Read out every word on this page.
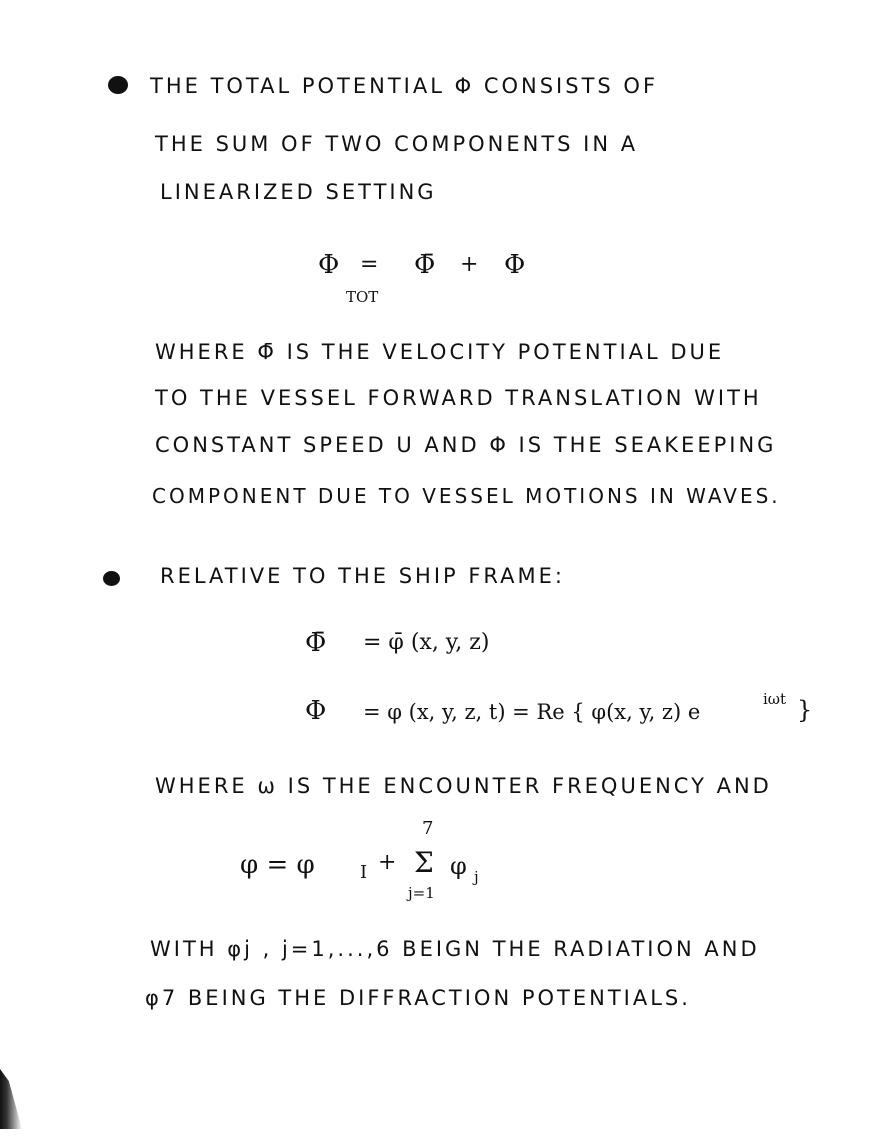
THE TOTAL POTENTIAL Φ CONSISTS OF
THE SUM OF TWO COMPONENTS IN A
LINEARIZED SETTING
Φ
TOT
= Φ̄ + Φ
WHERE Φ̄ IS THE VELOCITY POTENTIAL DUE
TO THE VESSEL FORWARD TRANSLATION WITH
CONSTANT SPEED U AND Φ IS THE SEAKEEPING
COMPONENT DUE TO VESSEL MOTIONS IN WAVES.
RELATIVE TO THE SHIP FRAME:
Φ̄ = φ̄ (x, y, z)
Φ = φ (x, y, z, t) = Re { φ(x, y, z) e
iωt }
WHERE ω IS THE ENCOUNTER FREQUENCY AND
φ = φ	I +
7
Σ
j=1
φ j
WITH φj , j=1,...,6 BEIGN THE RADIATION AND
φ7 BEING THE DIFFRACTION POTENTIALS.
